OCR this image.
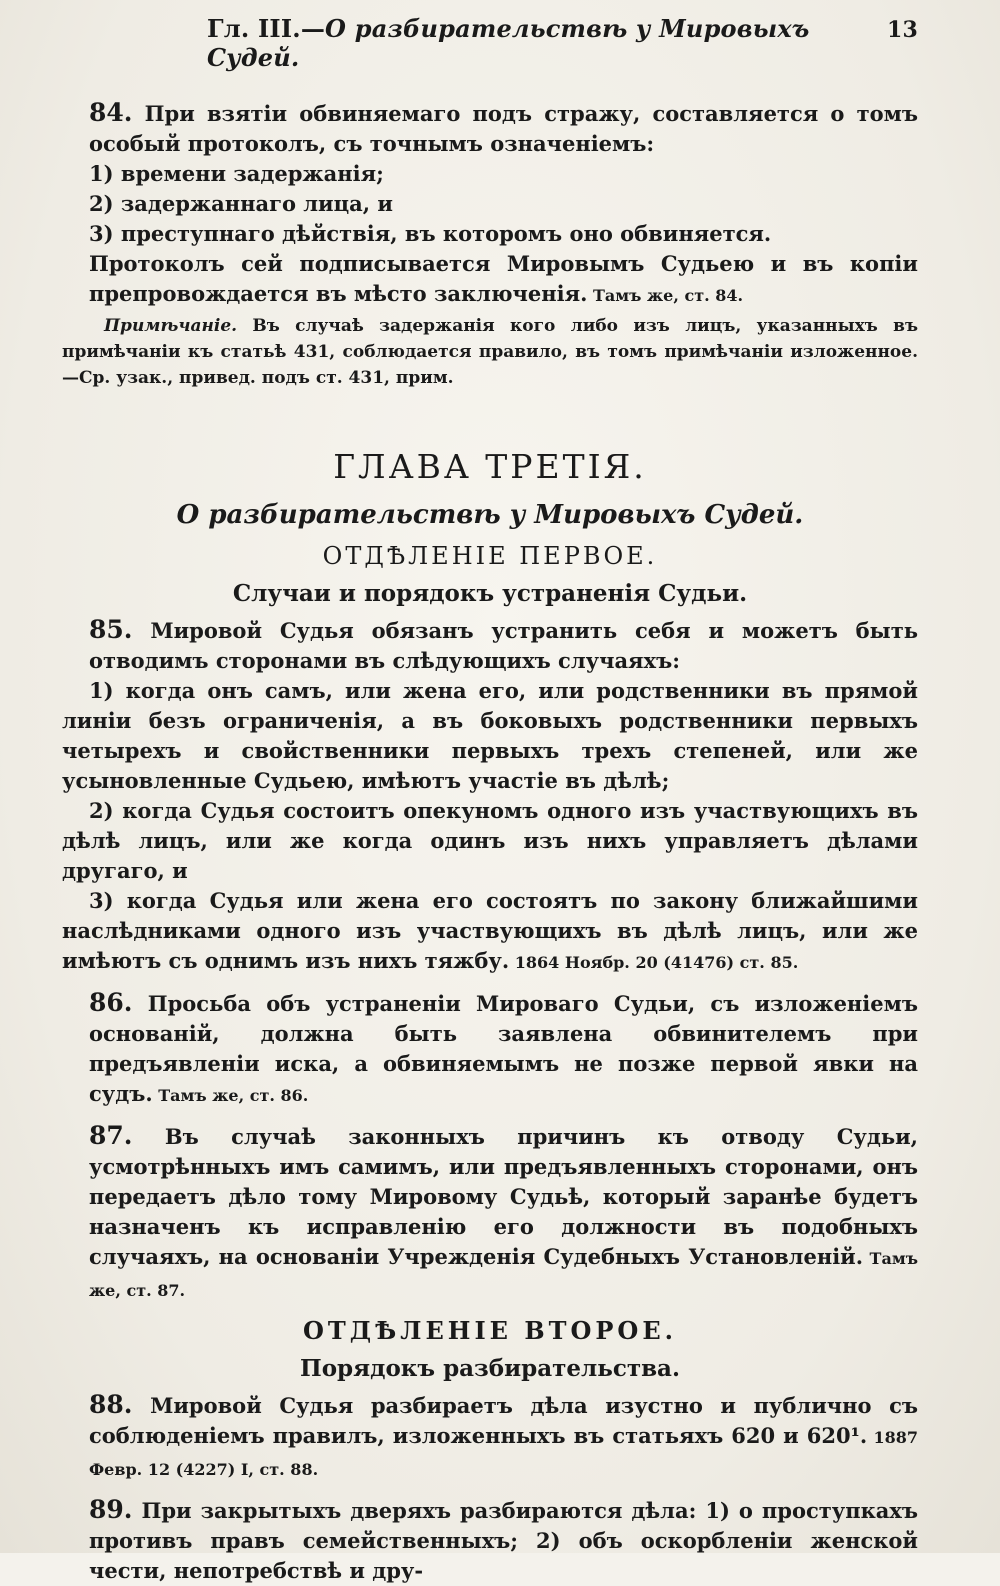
Гл. III.—О разбирательствѣ у Мировыхъ Судей.
13

84. При взятіи обвиняемаго подъ стражу, составляется о томъ особый протоколъ, съ точнымъ означеніемъ:

1) времени задержанія;

2) задержаннаго лица, и

3) преступнаго дѣйствія, въ которомъ оно обвиняется.

Протоколъ сей подписывается Мировымъ Судьею и въ копіи препровождается въ мѣсто заключенія. Тамъ же, ст. 84.

Примѣчаніе. Въ случаѣ задержанія кого либо изъ лицъ, указанныхъ въ примѣчаніи къ статьѣ 431, соблюдается правило, въ томъ примѣчаніи изложенное.—Ср. узак., привед. подъ ст. 431, прим.

ГЛАВА ТРЕТІЯ.
О разбирательствѣ у Мировыхъ Судей.
ОТДѢЛЕНІЕ ПЕРВОЕ.
Случаи и порядокъ устраненія Судьи.

85. Мировой Судья обязанъ устранить себя и можетъ быть отводимъ сторонами въ слѣдующихъ случаяхъ:

1) когда онъ самъ, или жена его, или родственники въ прямой линіи безъ ограниченія, а въ боковыхъ родственники первыхъ четырехъ и свойственники первыхъ трехъ степеней, или же усыновленные Судьею, имѣютъ участіе въ дѣлѣ;

2) когда Судья состоитъ опекуномъ одного изъ участвующихъ въ дѣлѣ лицъ, или же когда одинъ изъ нихъ управляетъ дѣлами другаго, и

3) когда Судья или жена его состоятъ по закону ближайшими наслѣдниками одного изъ участвующихъ въ дѣлѣ лицъ, или же имѣютъ съ однимъ изъ нихъ тяжбу. 1864 Ноябр. 20 (41476) ст. 85.

86. Просьба объ устраненіи Мироваго Судьи, съ изложеніемъ основаній, должна быть заявлена обвинителемъ при предъявленіи иска, а обвиняемымъ не позже первой явки на судъ. Тамъ же, ст. 86.

87. Въ случаѣ законныхъ причинъ къ отводу Судьи, усмотрѣнныхъ имъ самимъ, или предъявленныхъ сторонами, онъ передаетъ дѣло тому Мировому Судьѣ, который заранѣе будетъ назначенъ къ исправленію его должности въ подобныхъ случаяхъ, на основаніи Учрежденія Судебныхъ Установленій. Тамъ же, ст. 87.

ОТДѢЛЕНІЕ ВТОРОЕ.
Порядокъ разбирательства.

88. Мировой Судья разбираетъ дѣла изустно и публично съ соблюденіемъ правилъ, изложенныхъ въ статьяхъ 620 и 620¹. 1887 Февр. 12 (4227) I, ст. 88.

89. При закрытыхъ дверяхъ разбираются дѣла: 1) о проступкахъ противъ правъ семейственныхъ; 2) объ оскорбленіи женской чести, непотребствѣ и дру-
